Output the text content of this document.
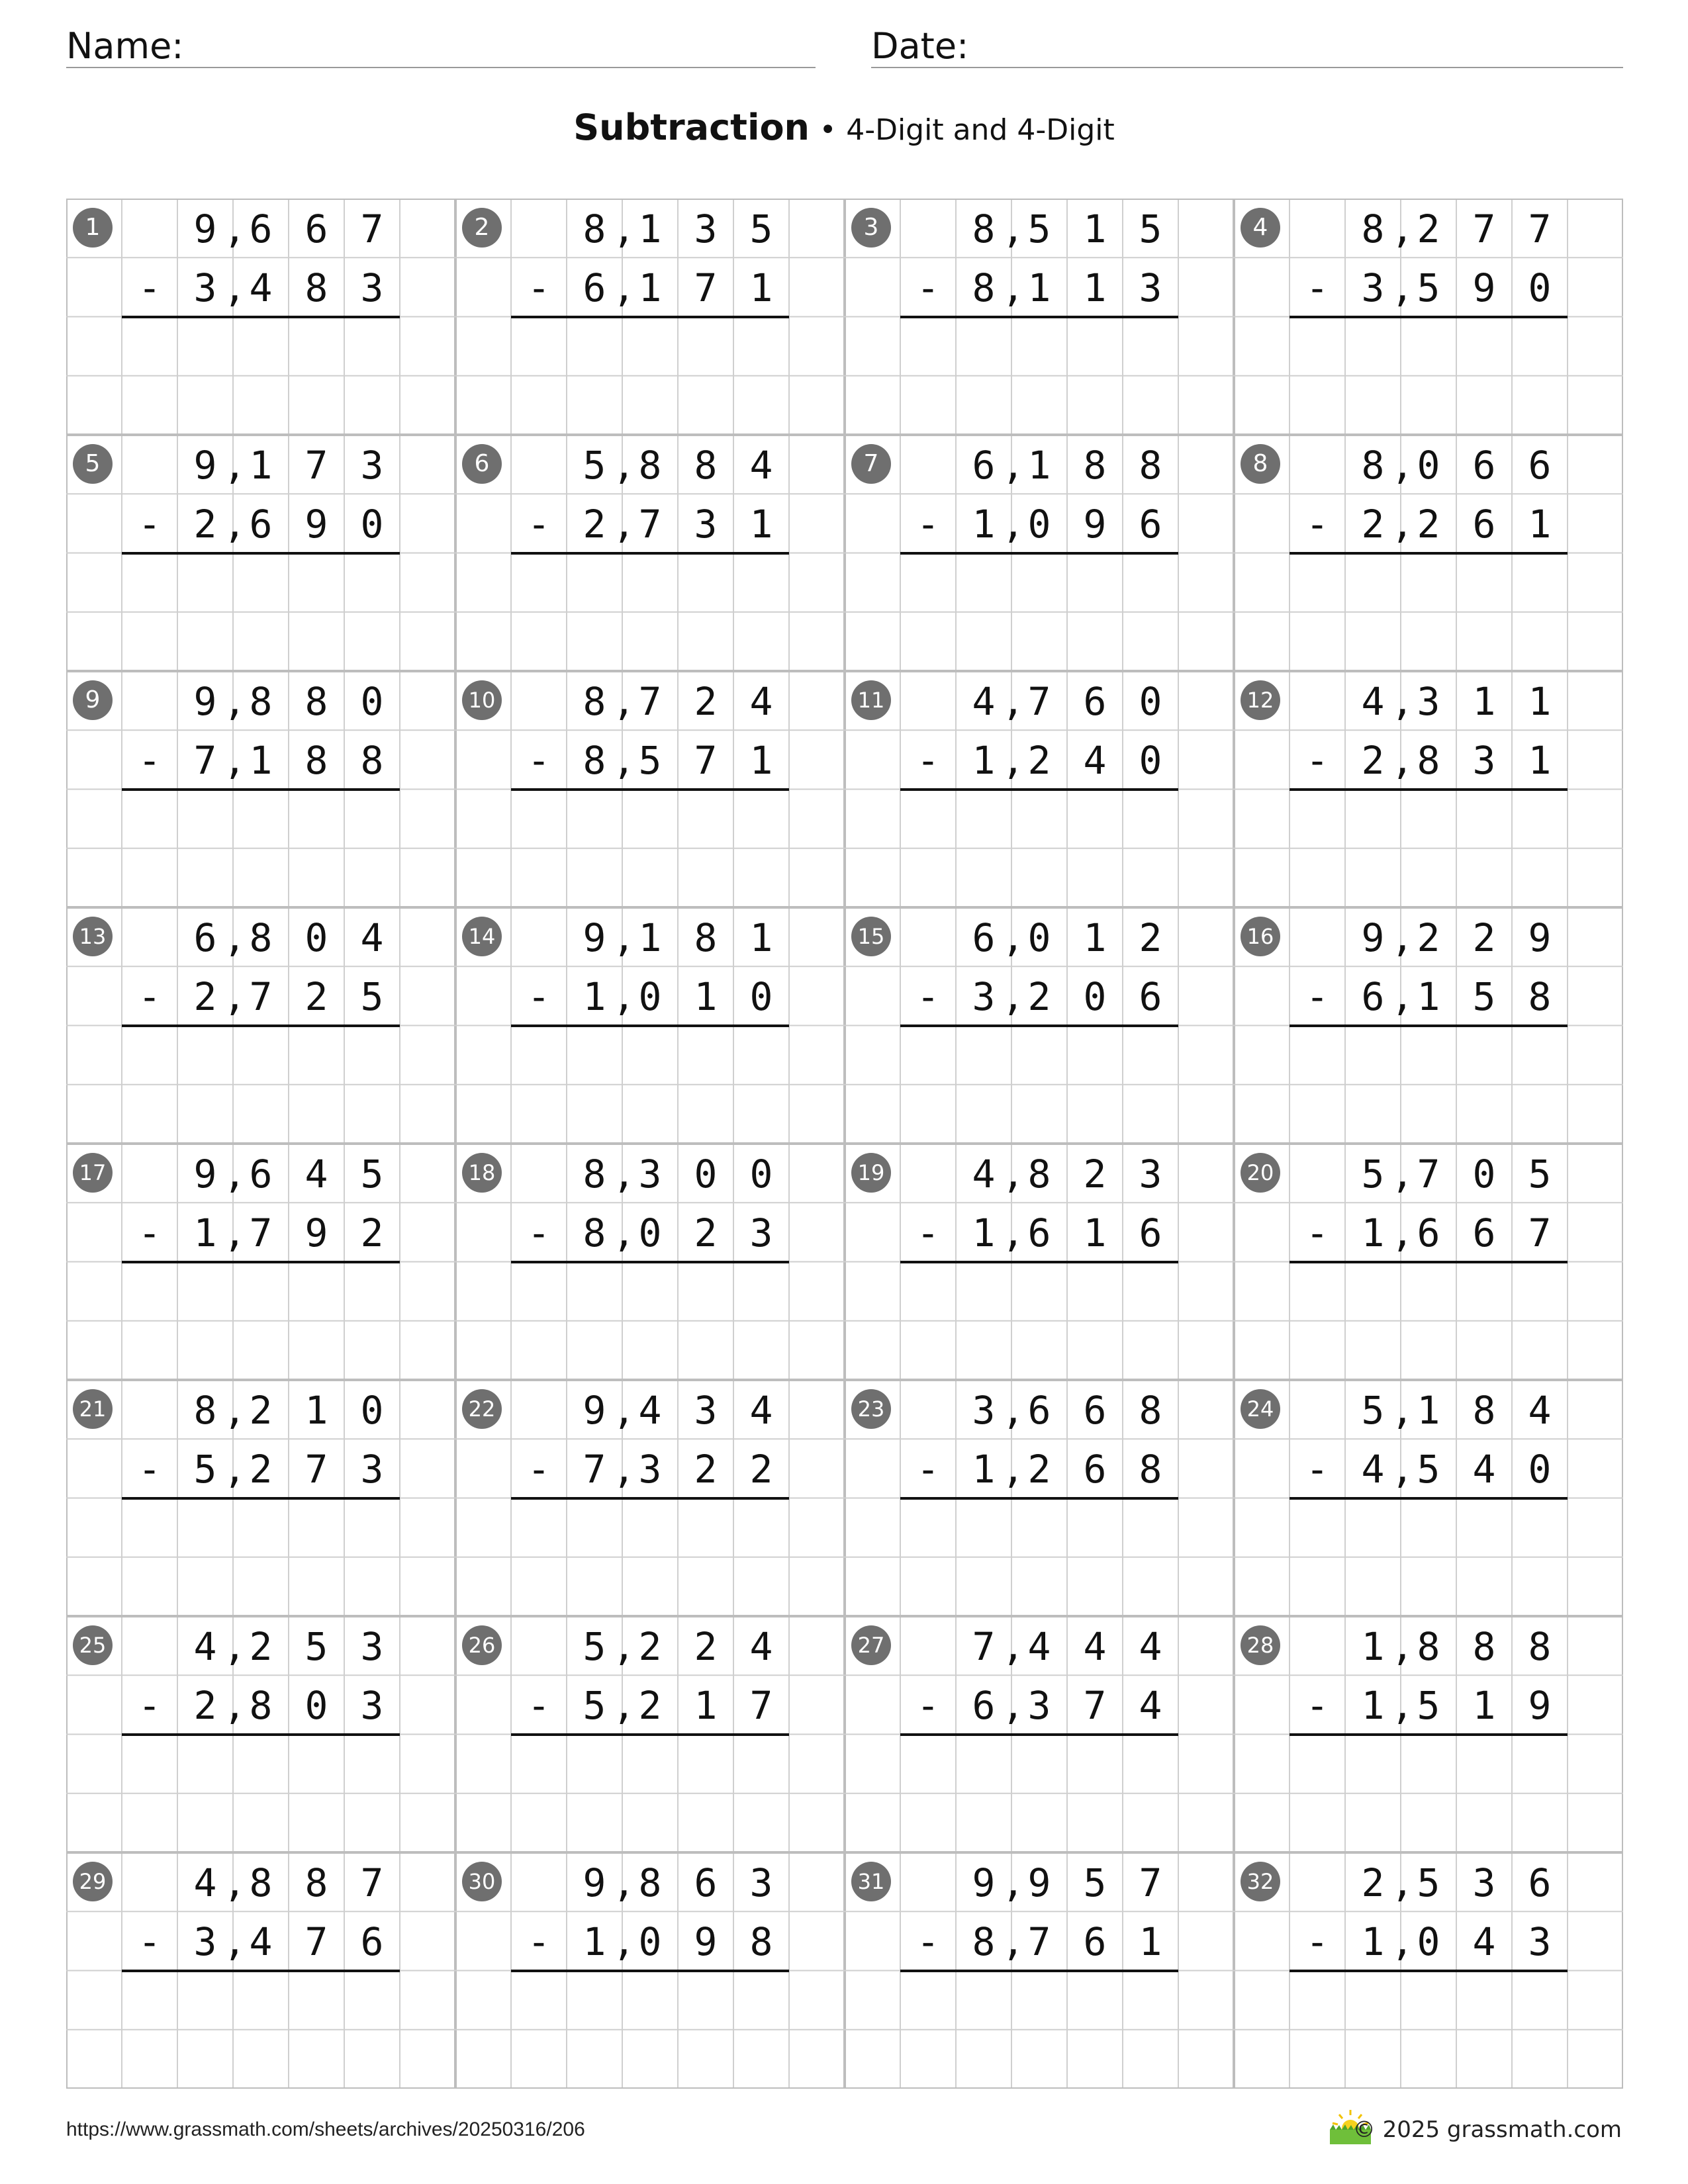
Name:	Date:
Subtraction • 4-Digit and 4-Digit
1	9 6 6 7
,
3 4 8 3
,
-
2	8 1 3 5
,
6 1 7 1
,
-
3	8 5 1 5
,
8 1 1 3
,
-
4	8 2 7 7
,
3 5 9 0
,
-
5	9 1 7 3
,
2 6 9 0
,
-
6	5 8 8 4
,
2 7 3 1
,
-
7	6 1 8 8
,
1 0 9 6
,
-
8	8 0 6 6
,
2 2 6 1
,
-
9	9 8 8 0
,
7 1 8 8
,
-
10	8 7 2 4
,
8 5 7 1
,
-
11	4 7 6 0
,
1 2 4 0
,
-
12	4 3 1 1
,
2 8 3 1
,
-
13	6 8 0 4
,
2 7 2 5
,
-
14	9 1 8 1
,
1 0 1 0
,
-
15	6 0 1 2
,
3 2 0 6
,
-
16	9 2 2 9
,
6 1 5 8
,
-
17	9 6 4 5
,
1 7 9 2
,
-
18	8 3 0 0
,
8 0 2 3
,
-
19	4 8 2 3
,
1 6 1 6
,
-
20	5 7 0 5
,
1 6 6 7
,
-
21	8 2 1 0
,
5 2 7 3
,
-
22	9 4 3 4
,
7 3 2 2
,
-
23	3 6 6 8
,
1 2 6 8
,
-
24	5 1 8 4
,
4 5 4 0
,
-
25	4 2 5 3
,
2 8 0 3
,
-
26	5 2 2 4
,
5 2 1 7
,
-
27	7 4 4 4
,
6 3 7 4
,
-
28	1 8 8 8
,
1 5 1 9
,
-
29	4 8 8 7
,
3 4 7 6
,
-
30	9 8 6 3
,
1 0 9 8
,
-
31	9 9 5 7
,
8 7 6 1
,
-
32	2 5 3 6
,
1 0 4 3
,
-
https://www.grassmath.com/sheets/archives/20250316/206	© 2025 grassmath.com
